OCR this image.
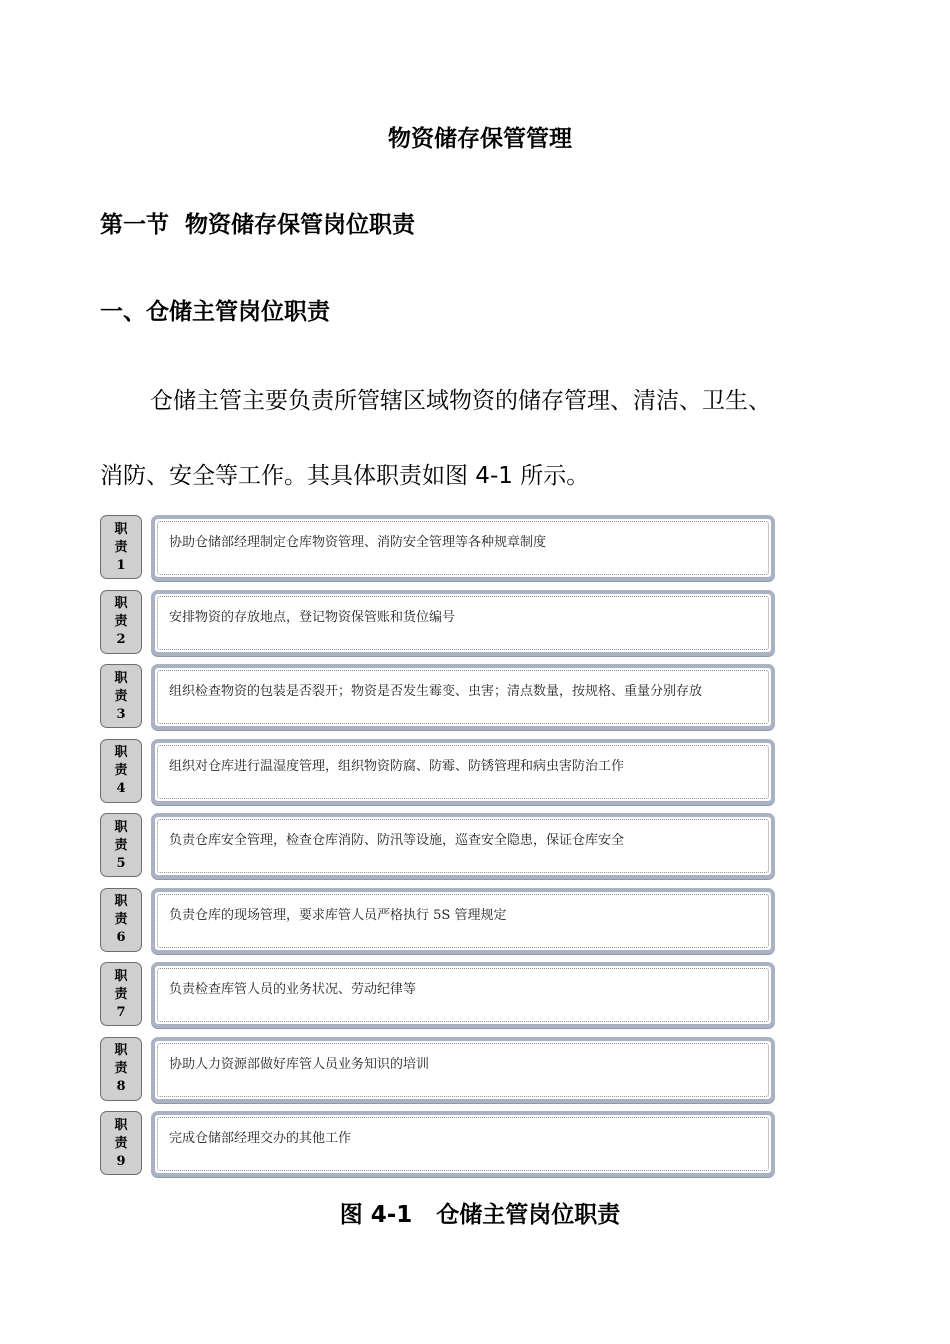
物资储存保管管理
第一节  物资储存保管岗位职责
一、仓储主管岗位职责

仓储主管主要负责所管辖区域物资的储存管理、清洁、卫生、

消防、安全等工作。其具体职责如图 4-1 所示。

职
责
1
协助仓储部经理制定仓库物资管理、消防安全管理等各种规章制度
职
责
2
安排物资的存放地点，登记物资保管账和货位编号
职
责
3
组织检查物资的包装是否裂开；物资是否发生霉变、虫害；清点数量，按规格、重量分别存放
职
责
4
组织对仓库进行温湿度管理，组织物资防腐、防霉、防锈管理和病虫害防治工作
职
责
5
负责仓库安全管理，检查仓库消防、防汛等设施，巡查安全隐患，保证仓库安全
职
责
6
负责仓库的现场管理，要求库管人员严格执行 5S 管理规定
职
责
7
负责检查库管人员的业务状况、劳动纪律等
职
责
8
协助人力资源部做好库管人员业务知识的培训
职
责
9
完成仓储部经理交办的其他工作

图 4-1   仓储主管岗位职责
